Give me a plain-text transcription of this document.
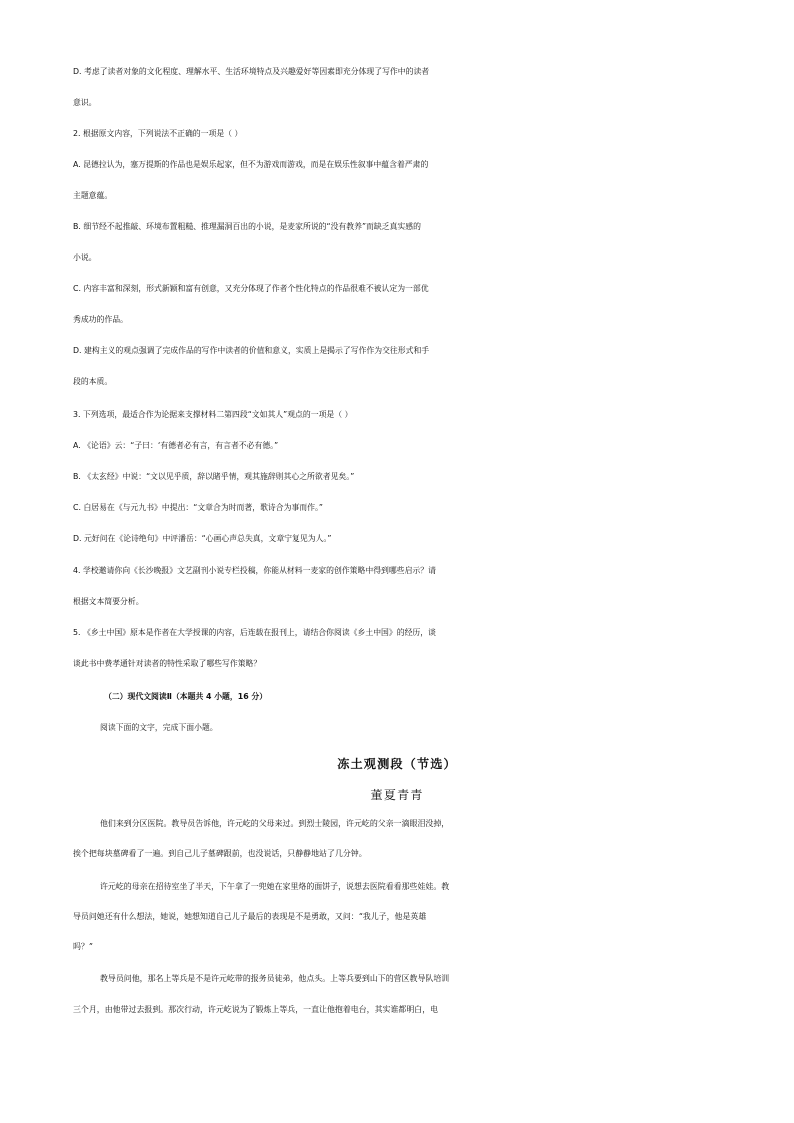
D. 考虑了读者对象的文化程度、理解水平、生活环境特点及兴趣爱好等因素即充分体现了写作中的读者
意识。
2. 根据原文内容，下列说法不正确的一项是（ ）
A. 昆德拉认为，塞万提斯的作品也是娱乐起家，但不为游戏而游戏，而是在娱乐性叙事中蕴含着严肃的
主题意蕴。
B. 细节经不起推敲、环境布置粗糙、推理漏洞百出的小说，是麦家所说的“没有教养”而缺乏真实感的
小说。
C. 内容丰富和深刻，形式新颖和富有创意，又充分体现了作者个性化特点的作品很难不被认定为一部优
秀成功的作品。
D. 建构主义的观点强调了完成作品的写作中读者的价值和意义，实质上是揭示了写作作为交往形式和手
段的本质。
3. 下列选项，最适合作为论据来支撑材料二第四段“文如其人”观点的一项是（ ）
A. 《论语》云：“子曰：‘有德者必有言，有言者不必有德。”
B. 《太玄经》中说：“文以见乎质，辞以睹乎情，观其施辞则其心之所欲者见矣。”
C. 白居易在《与元九书》中提出：“文章合为时而著，歌诗合为事而作。”
D. 元好问在《论诗绝句》中评潘岳：“心画心声总失真，文章宁复见为人。”
4. 学校邀请你向《长沙晚报》文艺副刊小说专栏投稿，你能从材料一麦家的创作策略中得到哪些启示？请
根据文本简要分析。
5. 《乡土中国》原本是作者在大学授课的内容，后连载在报刊上，请结合你阅读《乡土中国》的经历，谈
谈此书中费孝通针对读者的特性采取了哪些写作策略？
（二）现代文阅读Ⅱ（本题共 4 小题，16 分）
阅读下面的文字，完成下面小题。
冻土观测段（节选）
董夏青青
他们来到分区医院。教导员告诉他，许元屹的父母来过。到烈士陵园，许元屹的父亲一滴眼泪没掉，
挨个把每块墓碑看了一遍。到自己儿子墓碑跟前，也没说话，只静静地站了几分钟。
许元屹的母亲在招待室坐了半天，下午拿了一兜她在家里烙的面饼子，说想去医院看看那些娃娃。教
导员问她还有什么想法，她说，她想知道自己儿子最后的表现是不是勇敢，又问：“我儿子，他是英雄
吗？”
教导员问他，那名上等兵是不是许元屹带的报务员徒弟，他点头。上等兵要到山下的营区教导队培训
三个月，由他带过去报到。那次行动，许元屹说为了锻炼上等兵，一直让他抱着电台，其实谁都明白，电
